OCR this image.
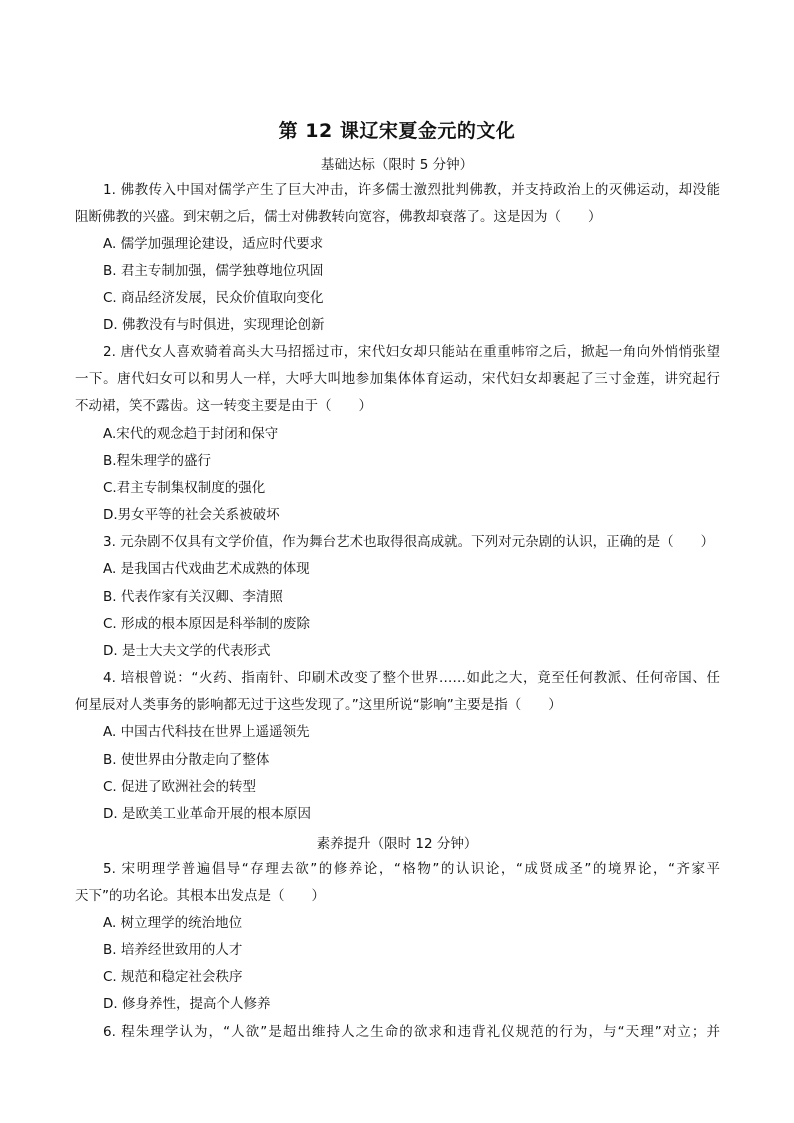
第 12 课辽宋夏金元的文化
基础达标（限时 5 分钟）
1. 佛教传入中国对儒学产生了巨大冲击，许多儒士激烈批判佛教，并支持政治上的灭佛运动，却没能
阻断佛教的兴盛。到宋朝之后，儒士对佛教转向宽容，佛教却衰落了。这是因为（　　）
A. 儒学加强理论建设，适应时代要求
B. 君主专制加强，儒学独尊地位巩固
C. 商品经济发展，民众价值取向变化
D. 佛教没有与时俱进，实现理论创新
2. 唐代女人喜欢骑着高头大马招摇过市，宋代妇女却只能站在重重帏帘之后，掀起一角向外悄悄张望
一下。唐代妇女可以和男人一样，大呼大叫地参加集体体育运动，宋代妇女却裹起了三寸金莲，讲究起行
不动裙，笑不露齿。这一转变主要是由于（　　）
A.宋代的观念趋于封闭和保守
B.程朱理学的盛行
C.君主专制集权制度的强化
D.男女平等的社会关系被破坏
3. 元杂剧不仅具有文学价值，作为舞台艺术也取得很高成就。下列对元杂剧的认识，正确的是（　　）
A. 是我国古代戏曲艺术成熟的体现
B. 代表作家有关汉卿、李清照
C. 形成的根本原因是科举制的废除
D. 是士大夫文学的代表形式
4. 培根曾说：“火药、指南针、印刷术改变了整个世界……如此之大，竟至任何教派、任何帝国、任
何星辰对人类事务的影响都无过于这些发现了。”这里所说“影响”主要是指（　　）
A. 中国古代科技在世界上遥遥领先
B. 使世界由分散走向了整体
C. 促进了欧洲社会的转型
D. 是欧美工业革命开展的根本原因
素养提升（限时 12 分钟）
5. 宋明理学普遍倡导“存理去欲”的修养论，“格物”的认识论，“成贤成圣”的境界论，“齐家平
天下”的功名论。其根本出发点是（　　）
A. 树立理学的统治地位
B. 培养经世致用的人才
C. 规范和稳定社会秩序
D. 修身养性，提高个人修养
6. 程朱理学认为，“人欲”是超出维持人之生命的欲求和违背礼仪规范的行为，与“天理”对立；并
